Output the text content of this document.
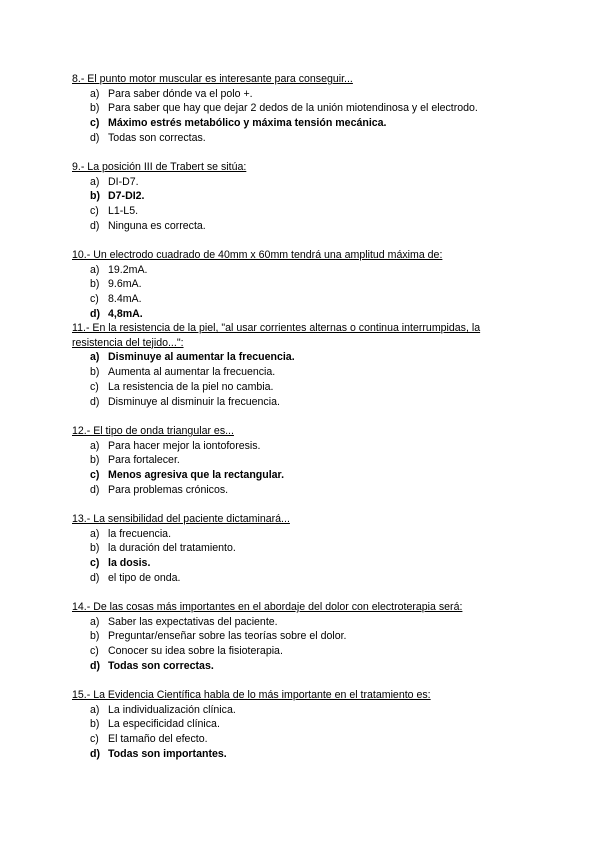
8.- El punto motor muscular es interesante para conseguir...

a) Para saber dónde va el polo +.
b) Para saber que hay que dejar 2 dedos de la unión miotendinosa y el electrodo.
c) Máximo estrés metabólico y máxima tensión mecánica.
d) Todas son correctas.

9.- La posición III de Trabert se sitúa:

a) DI-D7.
b) D7-DI2.
c) L1-L5.
d) Ninguna es correcta.

10.- Un electrodo cuadrado de 40mm x 60mm tendrá una amplitud máxima de:

a) 19.2mA.
b) 9.6mA.
c) 8.4mA.
d) 4,8mA.

11.- En la resistencia de la piel, "al usar corrientes alternas o continua interrumpidas, la resistencia del tejido...":

a) Disminuye al aumentar la frecuencia.
b) Aumenta al aumentar la frecuencia.
c) La resistencia de la piel no cambia.
d) Disminuye al disminuir la frecuencia.

12.- El tipo de onda triangular es...

a) Para hacer mejor la iontoforesis.
b) Para fortalecer.
c) Menos agresiva que la rectangular.
d) Para problemas crónicos.

13.- La sensibilidad del paciente dictaminará...

a) la frecuencia.
b) la duración del tratamiento.
c) la dosis.
d) el tipo de onda.

14.- De las cosas más importantes en el abordaje del dolor con electroterapia será:

a) Saber las expectativas del paciente.
b) Preguntar/enseñar sobre las teorías sobre el dolor.
c) Conocer su idea sobre la fisioterapia.
d) Todas son correctas.

15.- La Evidencia Científica habla de lo más importante en el tratamiento es:

a) La individualización clínica.
b) La especificidad clínica.
c) El tamaño del efecto.
d) Todas son importantes.
